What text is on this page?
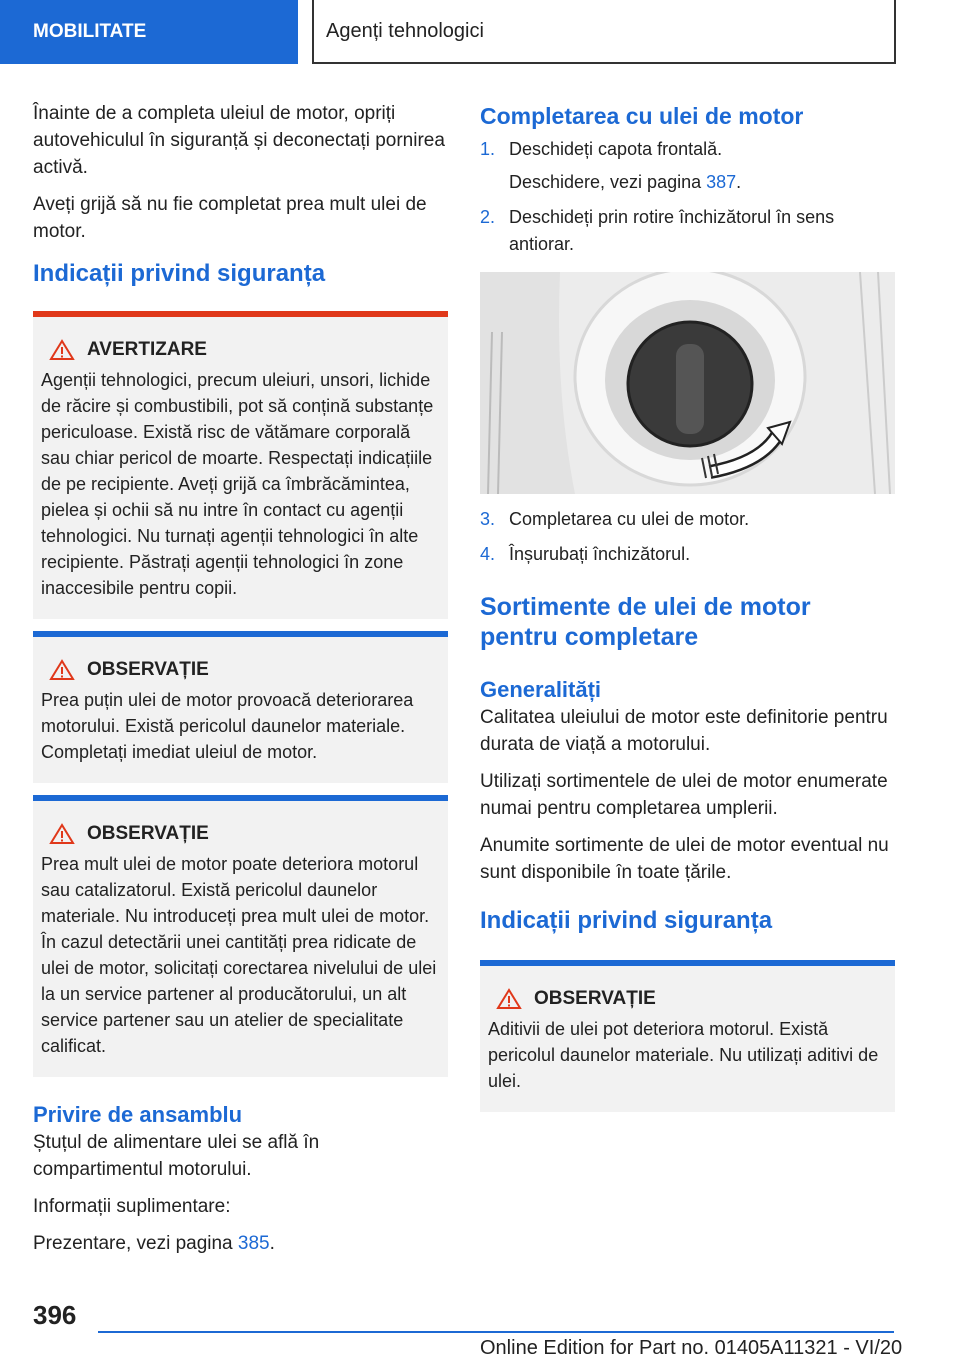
MOBILITATE	Agenți tehnologici

Înainte de a completa uleiul de motor, opriți autovehiculul în siguranță și deconectați pornirea activă.

Aveți grijă să nu fie completat prea mult ulei de motor.

Indicații privind siguranța
AVERTIZARE

Agenții tehnologici, precum uleiuri, unsori, lichide de răcire și combustibili, pot să conțină substanțe periculoase. Există risc de vătămare corporală sau chiar pericol de moarte. Respectați indicațiile de pe recipiente. Aveți grijă ca îmbrăcămintea, pielea și ochii să nu intre în contact cu agenții tehnologici. Nu turnați agenții tehnologici în alte recipiente. Păstrați agenții tehnologici în zone inaccesibile pentru copii.

OBSERVAȚIE

Prea puțin ulei de motor provoacă deteriorarea motorului. Există pericolul daunelor materiale. Completați imediat uleiul de motor.

OBSERVAȚIE

Prea mult ulei de motor poate deteriora motorul sau catalizatorul. Există pericolul daunelor materiale. Nu introduceți prea mult ulei de motor. În cazul detectării unei cantități prea ridicate de ulei de motor, solicitați corectarea nivelului de ulei la un service partener al producătorului, un alt service partener sau un atelier de specialitate calificat.

Privire de ansamblu

Ștuțul de alimentare ulei se află în compartimentul motorului.

Informații suplimentare:

Prezentare, vezi pagina 385.

Completarea cu ulei de motor
1. Deschideți capota frontală.
Deschidere, vezi pagina 387.
2. Deschideți prin rotire închizătorul în sens antiorar.
3. Completarea cu ulei de motor.
4. Înșurubați închizătorul.
Sortimente de ulei de motor pentru completare
Generalități

Calitatea uleiului de motor este definitorie pentru durata de viață a motorului.

Utilizați sortimentele de ulei de motor enumerate numai pentru completarea umplerii.

Anumite sortimente de ulei de motor eventual nu sunt disponibile în toate țările.

Indicații privind siguranța
OBSERVAȚIE

Aditivii de ulei pot deteriora motorul. Există pericolul daunelor materiale. Nu utilizați aditivi de ulei.

396
Online Edition for Part no. 01405A11321 - VI/20
